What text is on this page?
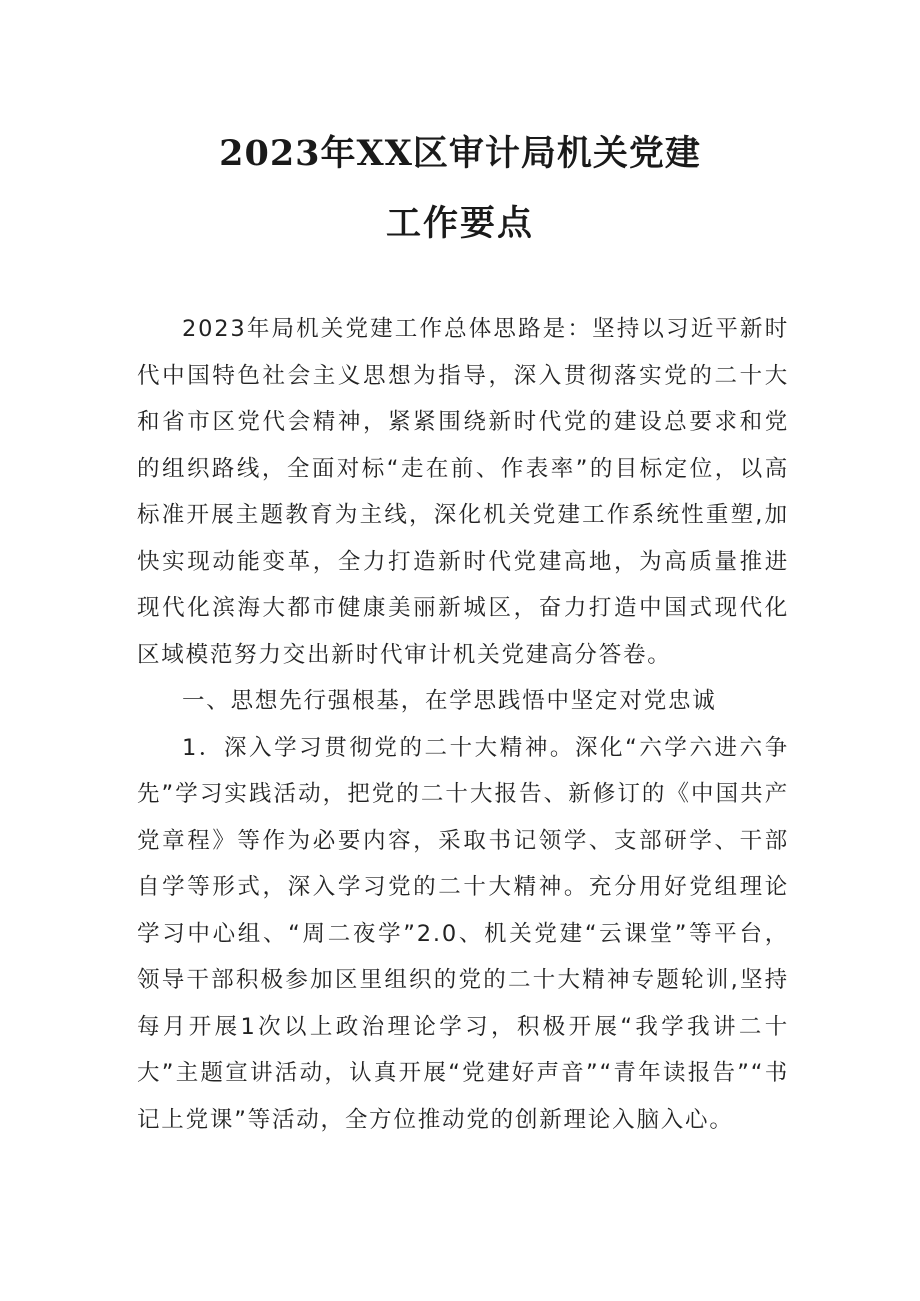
2023年XX区审计局机关党建
工作要点

2023年局机关党建工作总体思路是：坚持以习近平新时代中国特色社会主义思想为指导，深入贯彻落实党的二十大和省市区党代会精神，紧紧围绕新时代党的建设总要求和党的组织路线，全面对标“走在前、作表率”的目标定位，以高标准开展主题教育为主线，深化机关党建工作系统性重塑,加快实现动能变革，全力打造新时代党建高地，为高质量推进现代化滨海大都市健康美丽新城区，奋力打造中国式现代化区域模范努力交出新时代审计机关党建高分答卷。

一、思想先行强根基，在学思践悟中坚定对党忠诚

1．深入学习贯彻党的二十大精神。深化“六学六进六争先”学习实践活动，把党的二十大报告、新修订的《中国共产党章程》等作为必要内容，采取书记领学、支部研学、干部自学等形式，深入学习党的二十大精神。充分用好党组理论学习中心组、“周二夜学”2.0、机关党建“云课堂”等平台，领导干部积极参加区里组织的党的二十大精神专题轮训,坚持每月开展1次以上政治理论学习，积极开展“我学我讲二十大”主题宣讲活动，认真开展“党建好声音”“青年读报告”“书记上党课”等活动，全方位推动党的创新理论入脑入心。
